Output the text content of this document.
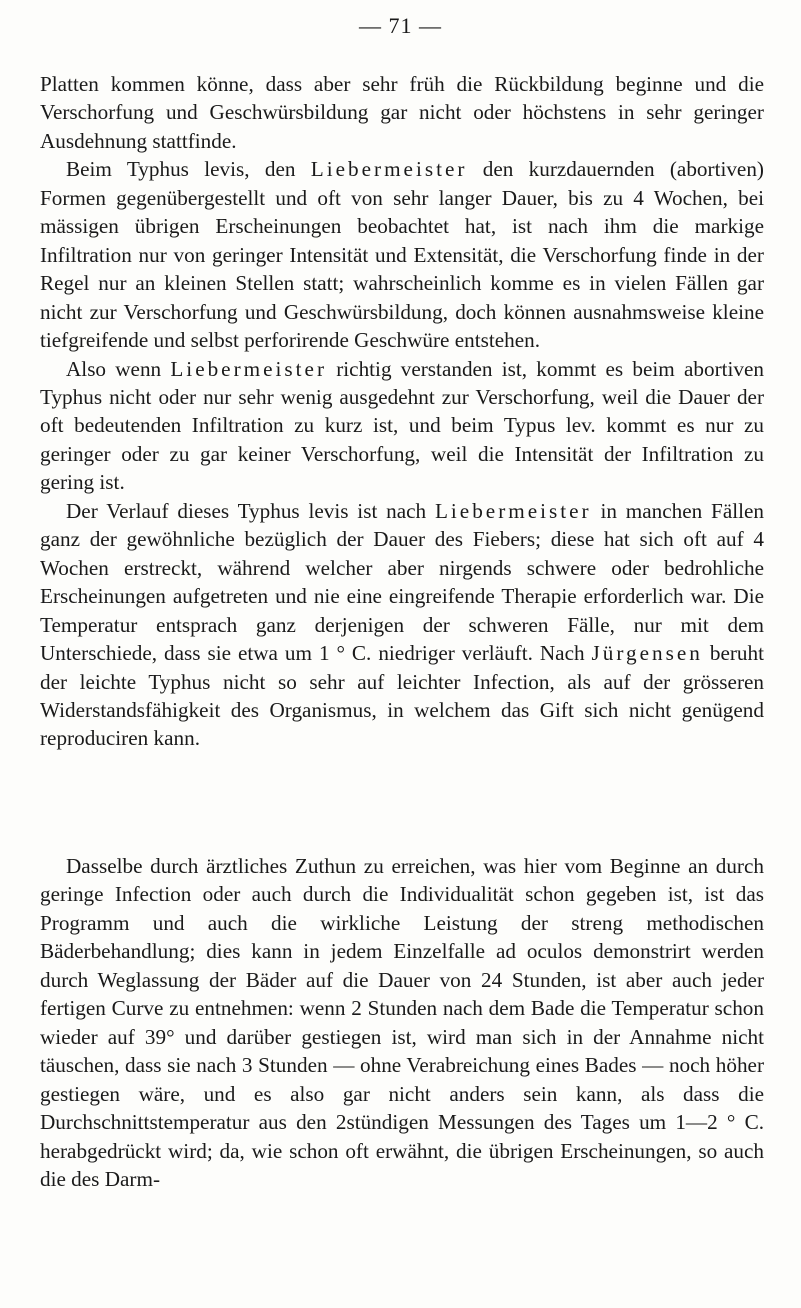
— 71 —

Platten kommen könne, dass aber sehr früh die Rückbildung beginne und die Verschorfung und Geschwürsbildung gar nicht oder höchstens in sehr geringer Ausdehnung stattfinde.

Beim Typhus levis, den Liebermeister den kurzdauernden (abortiven) Formen gegenübergestellt und oft von sehr langer Dauer, bis zu 4 Wochen, bei mässigen übrigen Erscheinungen beobachtet hat, ist nach ihm die markige Infiltration nur von geringer Intensität und Extensität, die Verschorfung finde in der Regel nur an kleinen Stellen statt; wahrscheinlich komme es in vielen Fällen gar nicht zur Verschorfung und Geschwürsbildung, doch können ausnahmsweise kleine tiefgreifende und selbst perforirende Geschwüre entstehen.

Also wenn Liebermeister richtig verstanden ist, kommt es beim abortiven Typhus nicht oder nur sehr wenig ausgedehnt zur Verschorfung, weil die Dauer der oft bedeutenden Infiltration zu kurz ist, und beim Typus lev. kommt es nur zu geringer oder zu gar keiner Verschorfung, weil die Intensität der Infiltration zu gering ist.

Der Verlauf dieses Typhus levis ist nach Liebermeister in manchen Fällen ganz der gewöhnliche bezüglich der Dauer des Fiebers; diese hat sich oft auf 4 Wochen erstreckt, während welcher aber nirgends schwere oder bedrohliche Erscheinungen aufgetreten und nie eine eingreifende Therapie erforderlich war. Die Temperatur entsprach ganz derjenigen der schweren Fälle, nur mit dem Unterschiede, dass sie etwa um 1 ° C. niedriger verläuft. Nach Jürgensen beruht der leichte Typhus nicht so sehr auf leichter Infection, als auf der grösseren Widerstandsfähigkeit des Organismus, in welchem das Gift sich nicht genügend reproduciren kann.

Dasselbe durch ärztliches Zuthun zu erreichen, was hier vom Beginne an durch geringe Infection oder auch durch die Individualität schon gegeben ist, ist das Programm und auch die wirkliche Leistung der streng methodischen Bäderbehandlung; dies kann in jedem Einzelfalle ad oculos demonstrirt werden durch Weglassung der Bäder auf die Dauer von 24 Stunden, ist aber auch jeder fertigen Curve zu entnehmen: wenn 2 Stunden nach dem Bade die Temperatur schon wieder auf 39° und darüber gestiegen ist, wird man sich in der Annahme nicht täuschen, dass sie nach 3 Stunden — ohne Verabreichung eines Bades — noch höher gestiegen wäre, und es also gar nicht anders sein kann, als dass die Durchschnittstemperatur aus den 2stündigen Messungen des Tages um 1—2 ° C. herabgedrückt wird; da, wie schon oft erwähnt, die übrigen Erscheinungen, so auch die des Darm-
